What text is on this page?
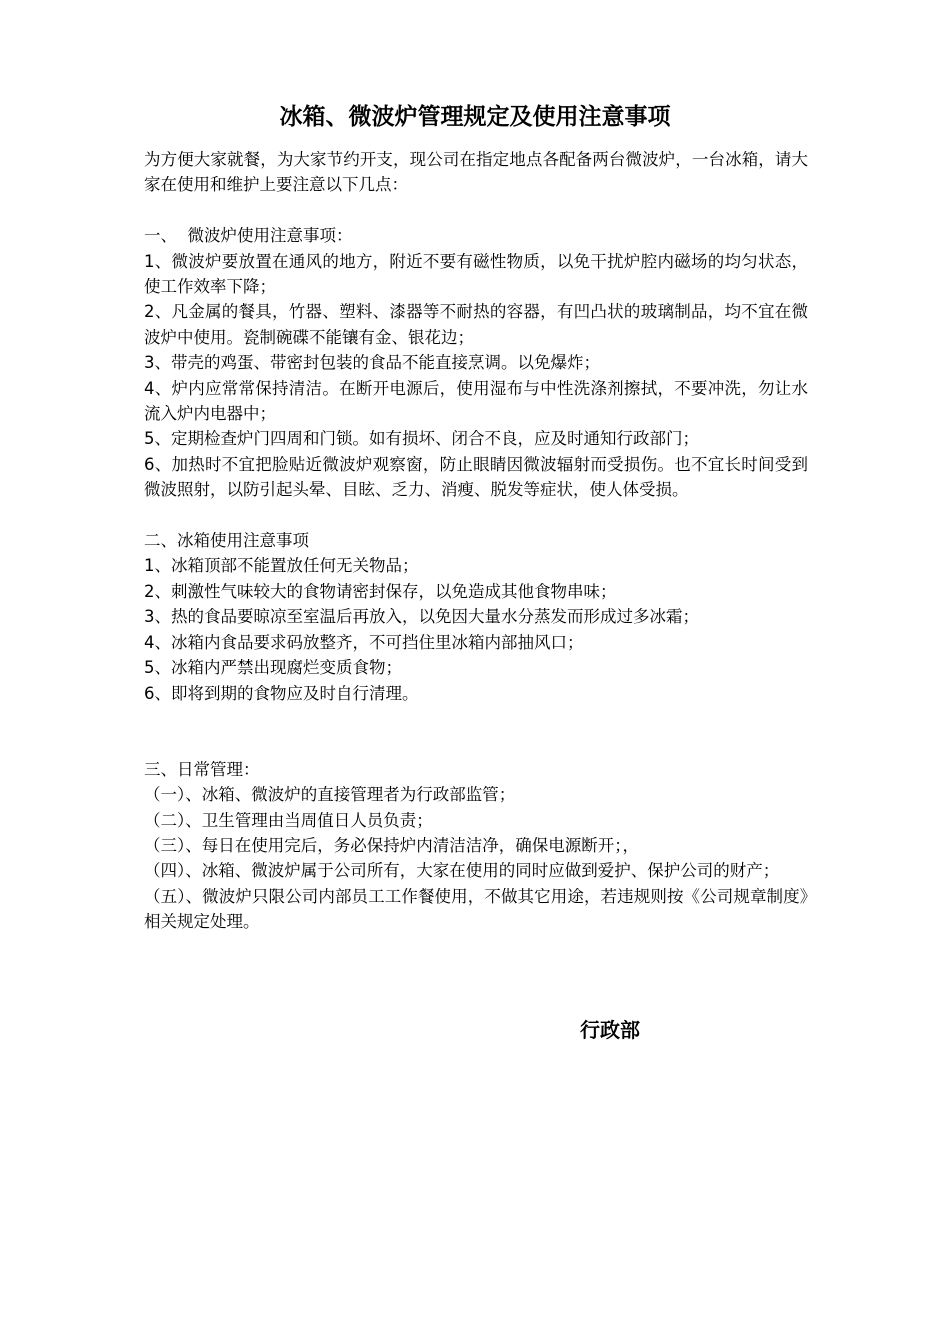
冰箱、微波炉管理规定及使用注意事项

为方便大家就餐，为大家节约开支，现公司在指定地点各配备两台微波炉，一台冰箱，请大家在使用和维护上要注意以下几点：

一、  微波炉使用注意事项：

1、微波炉要放置在通风的地方，附近不要有磁性物质，以免干扰炉腔内磁场的均匀状态，使工作效率下降；

2、凡金属的餐具，竹器、塑料、漆器等不耐热的容器，有凹凸状的玻璃制品，均不宜在微波炉中使用。瓷制碗碟不能镶有金、银花边；

3、带壳的鸡蛋、带密封包装的食品不能直接烹调。以免爆炸；

4、炉内应常常保持清洁。在断开电源后，使用湿布与中性洗涤剂擦拭，不要冲洗，勿让水流入炉内电器中；

5、定期检查炉门四周和门锁。如有损坏、闭合不良，应及时通知行政部门；

6、加热时不宜把脸贴近微波炉观察窗，防止眼睛因微波辐射而受损伤。也不宜长时间受到微波照射，以防引起头晕、目眩、乏力、消瘦、脱发等症状，使人体受损。

二、冰箱使用注意事项

1、冰箱顶部不能置放任何无关物品；

2、刺激性气味较大的食物请密封保存，以免造成其他食物串味；

3、热的食品要晾凉至室温后再放入，以免因大量水分蒸发而形成过多冰霜；

4、冰箱内食品要求码放整齐，不可挡住里冰箱内部抽风口；

5、冰箱内严禁出现腐烂变质食物；

6、即将到期的食物应及时自行清理。

三、日常管理：

（一）、冰箱、微波炉的直接管理者为行政部监管；

（二）、卫生管理由当周值日人员负责；

（三）、每日在使用完后，务必保持炉内清洁洁净，确保电源断开；，

（四）、冰箱、微波炉属于公司所有，大家在使用的同时应做到爱护、保护公司的财产；

（五）、微波炉只限公司内部员工工作餐使用，不做其它用途，若违规则按《公司规章制度》相关规定处理。

行政部
